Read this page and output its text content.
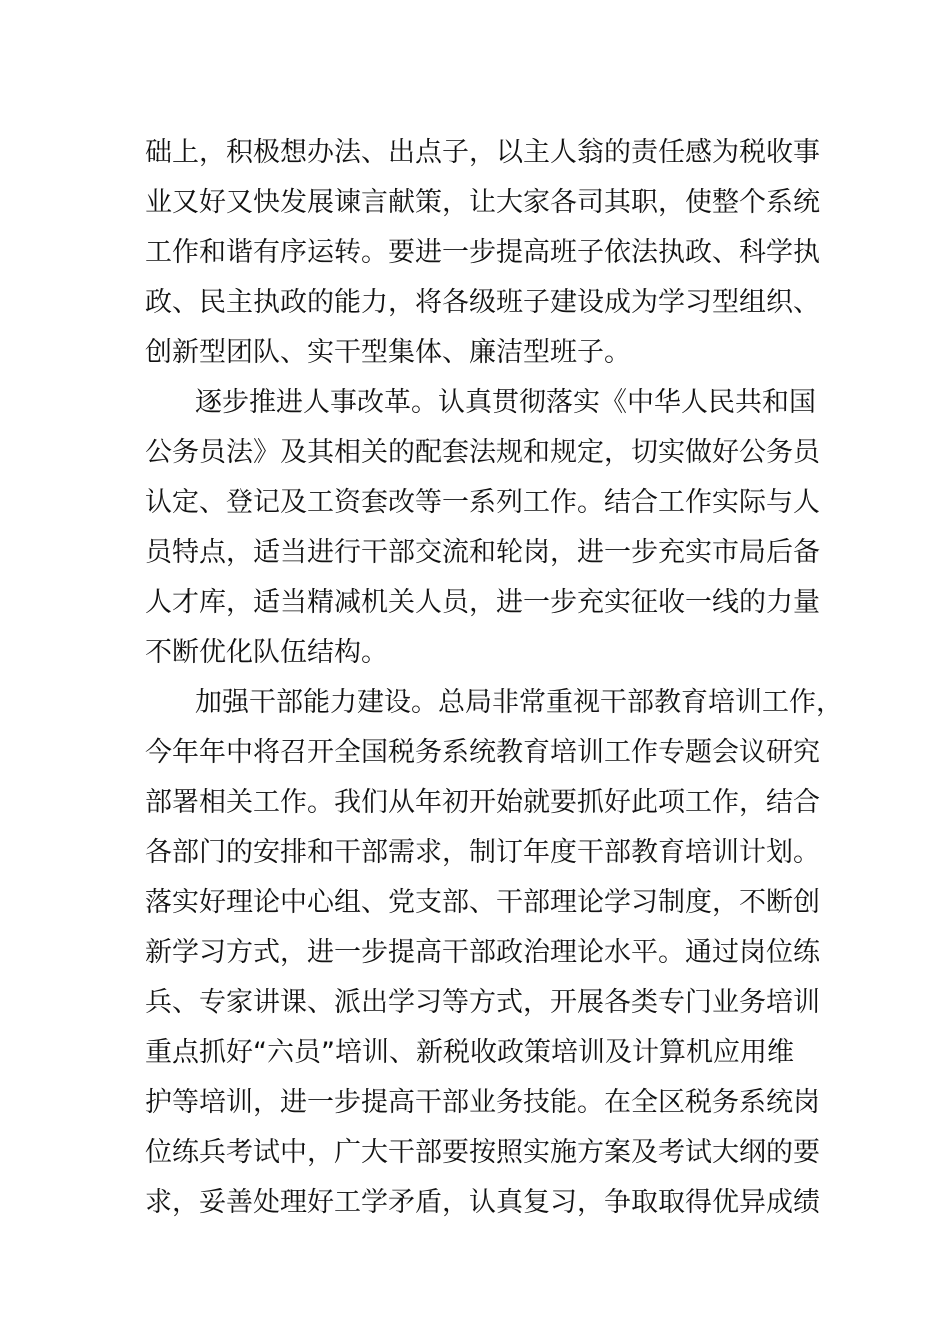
础上，积极想办法、出点子，以主人翁的责任感为税收事
业又好又快发展谏言献策，让大家各司其职，使整个系统
工作和谐有序运转。要进一步提高班子依法执政、科学执
政、民主执政的能力，将各级班子建设成为学习型组织、
创新型团队、实干型集体、廉洁型班子。
逐步推进人事改革。认真贯彻落实《中华人民共和国
公务员法》及其相关的配套法规和规定，切实做好公务员
认定、登记及工资套改等一系列工作。结合工作实际与人
员特点，适当进行干部交流和轮岗，进一步充实市局后备
人才库，适当精减机关人员，进一步充实征收一线的力量
不断优化队伍结构。
加强干部能力建设。总局非常重视干部教育培训工作，
今年年中将召开全国税务系统教育培训工作专题会议研究
部署相关工作。我们从年初开始就要抓好此项工作，结合
各部门的安排和干部需求，制订年度干部教育培训计划。
落实好理论中心组、党支部、干部理论学习制度，不断创
新学习方式，进一步提高干部政治理论水平。通过岗位练
兵、专家讲课、派出学习等方式，开展各类专门业务培训
重点抓好“六员”培训、新税收政策培训及计算机应用维
护等培训，进一步提高干部业务技能。在全区税务系统岗
位练兵考试中，广大干部要按照实施方案及考试大纲的要
求，妥善处理好工学矛盾，认真复习，争取取得优异成绩
